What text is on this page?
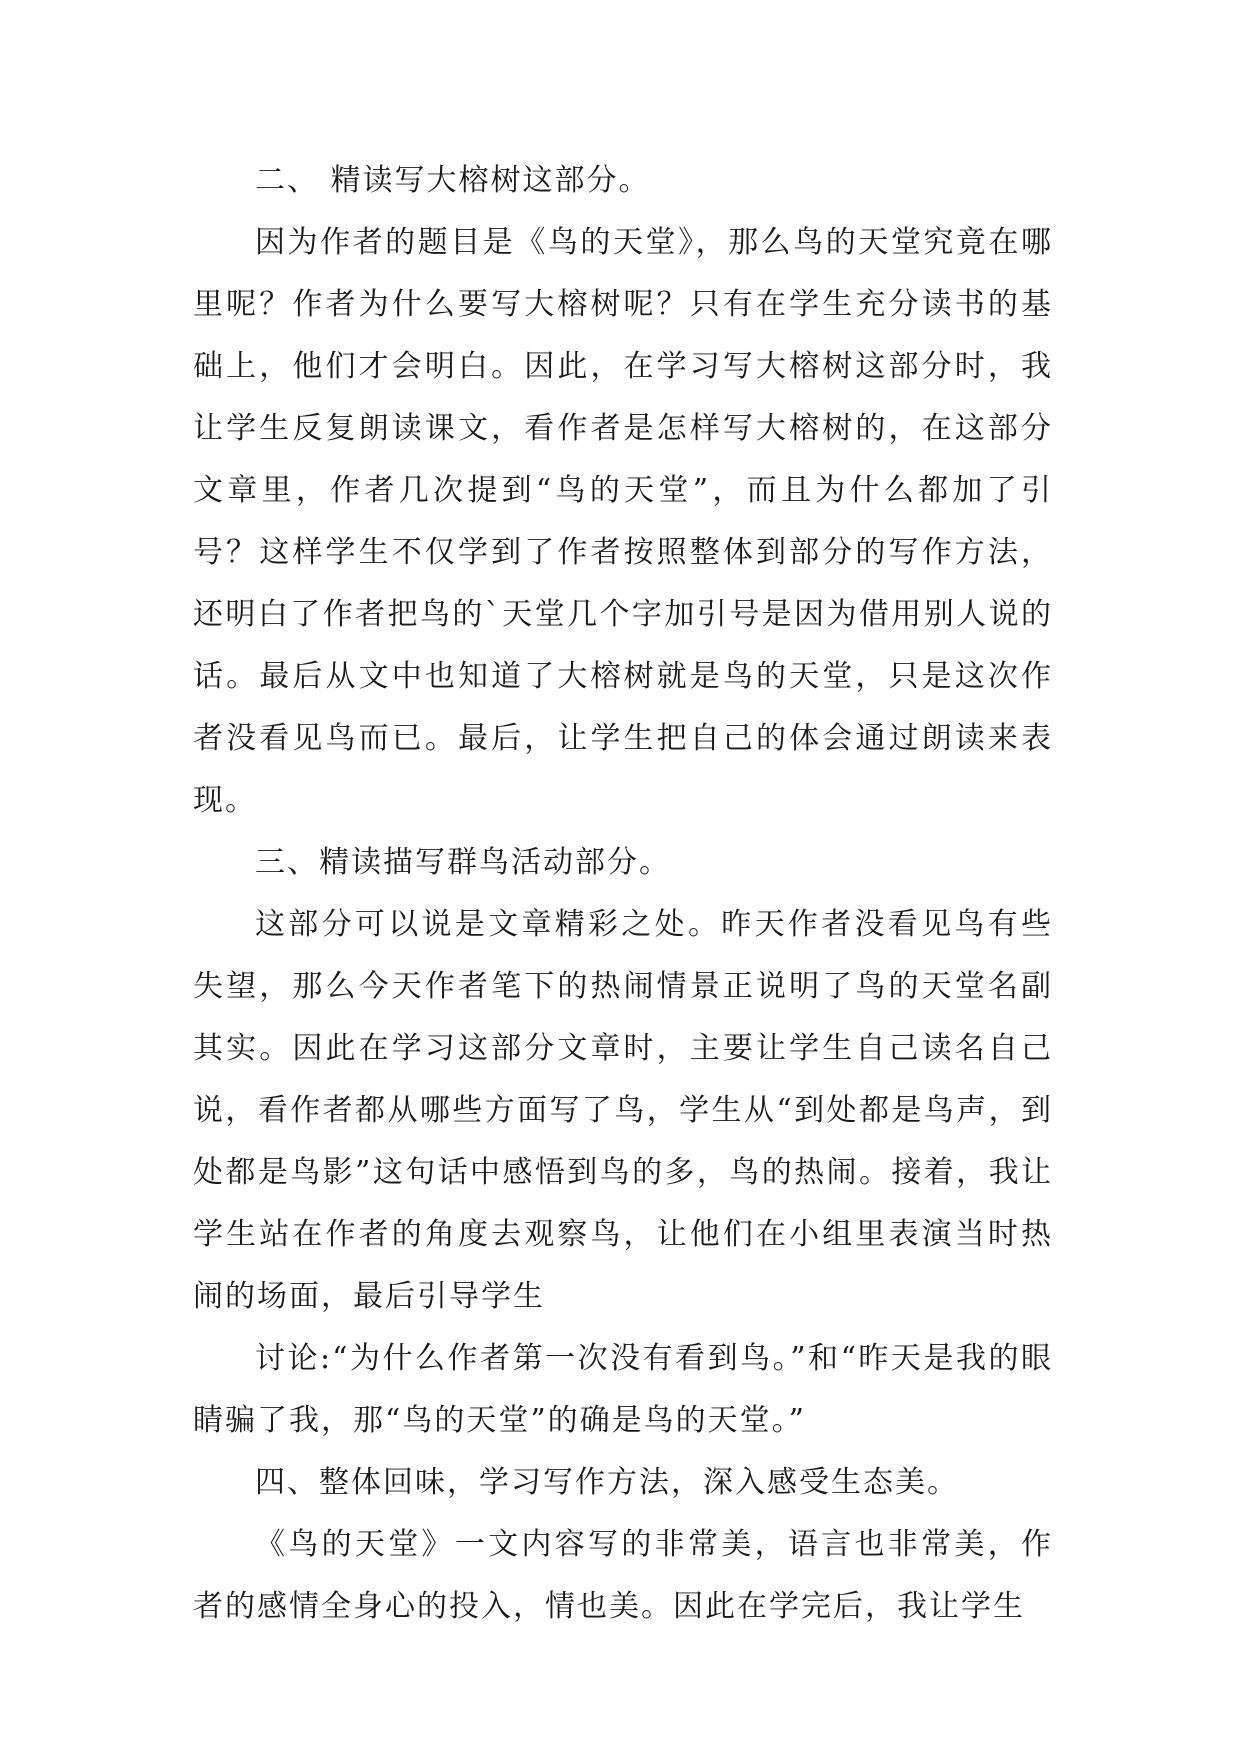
二、 精读写大榕树这部分。

因为作者的题目是《鸟的天堂》，那么鸟的天堂究竟在哪里呢？作者为什么要写大榕树呢？只有在学生充分读书的基础上，他们才会明白。因此，在学习写大榕树这部分时，我让学生反复朗读课文，看作者是怎样写大榕树的，在这部分文章里，作者几次提到“鸟的天堂”，而且为什么都加了引号？这样学生不仅学到了作者按照整体到部分的写作方法，还明白了作者把鸟的`天堂几个字加引号是因为借用别人说的话。最后从文中也知道了大榕树就是鸟的天堂，只是这次作者没看见鸟而已。最后，让学生把自己的体会通过朗读来表现。

三、精读描写群鸟活动部分。

这部分可以说是文章精彩之处。昨天作者没看见鸟有些失望，那么今天作者笔下的热闹情景正说明了鸟的天堂名副其实。因此在学习这部分文章时，主要让学生自己读名自己说，看作者都从哪些方面写了鸟，学生从“到处都是鸟声，到处都是鸟影”这句话中感悟到鸟的多，鸟的热闹。接着，我让学生站在作者的角度去观察鸟，让他们在小组里表演当时热闹的场面，最后引导学生

讨论:“为什么作者第一次没有看到鸟。”和“昨天是我的眼睛骗了我，那“鸟的天堂”的确是鸟的天堂。”

四、整体回味，学习写作方法，深入感受生态美。

《鸟的天堂》一文内容写的非常美，语言也非常美，作者的感情全身心的投入，情也美。因此在学完后，我让学生
